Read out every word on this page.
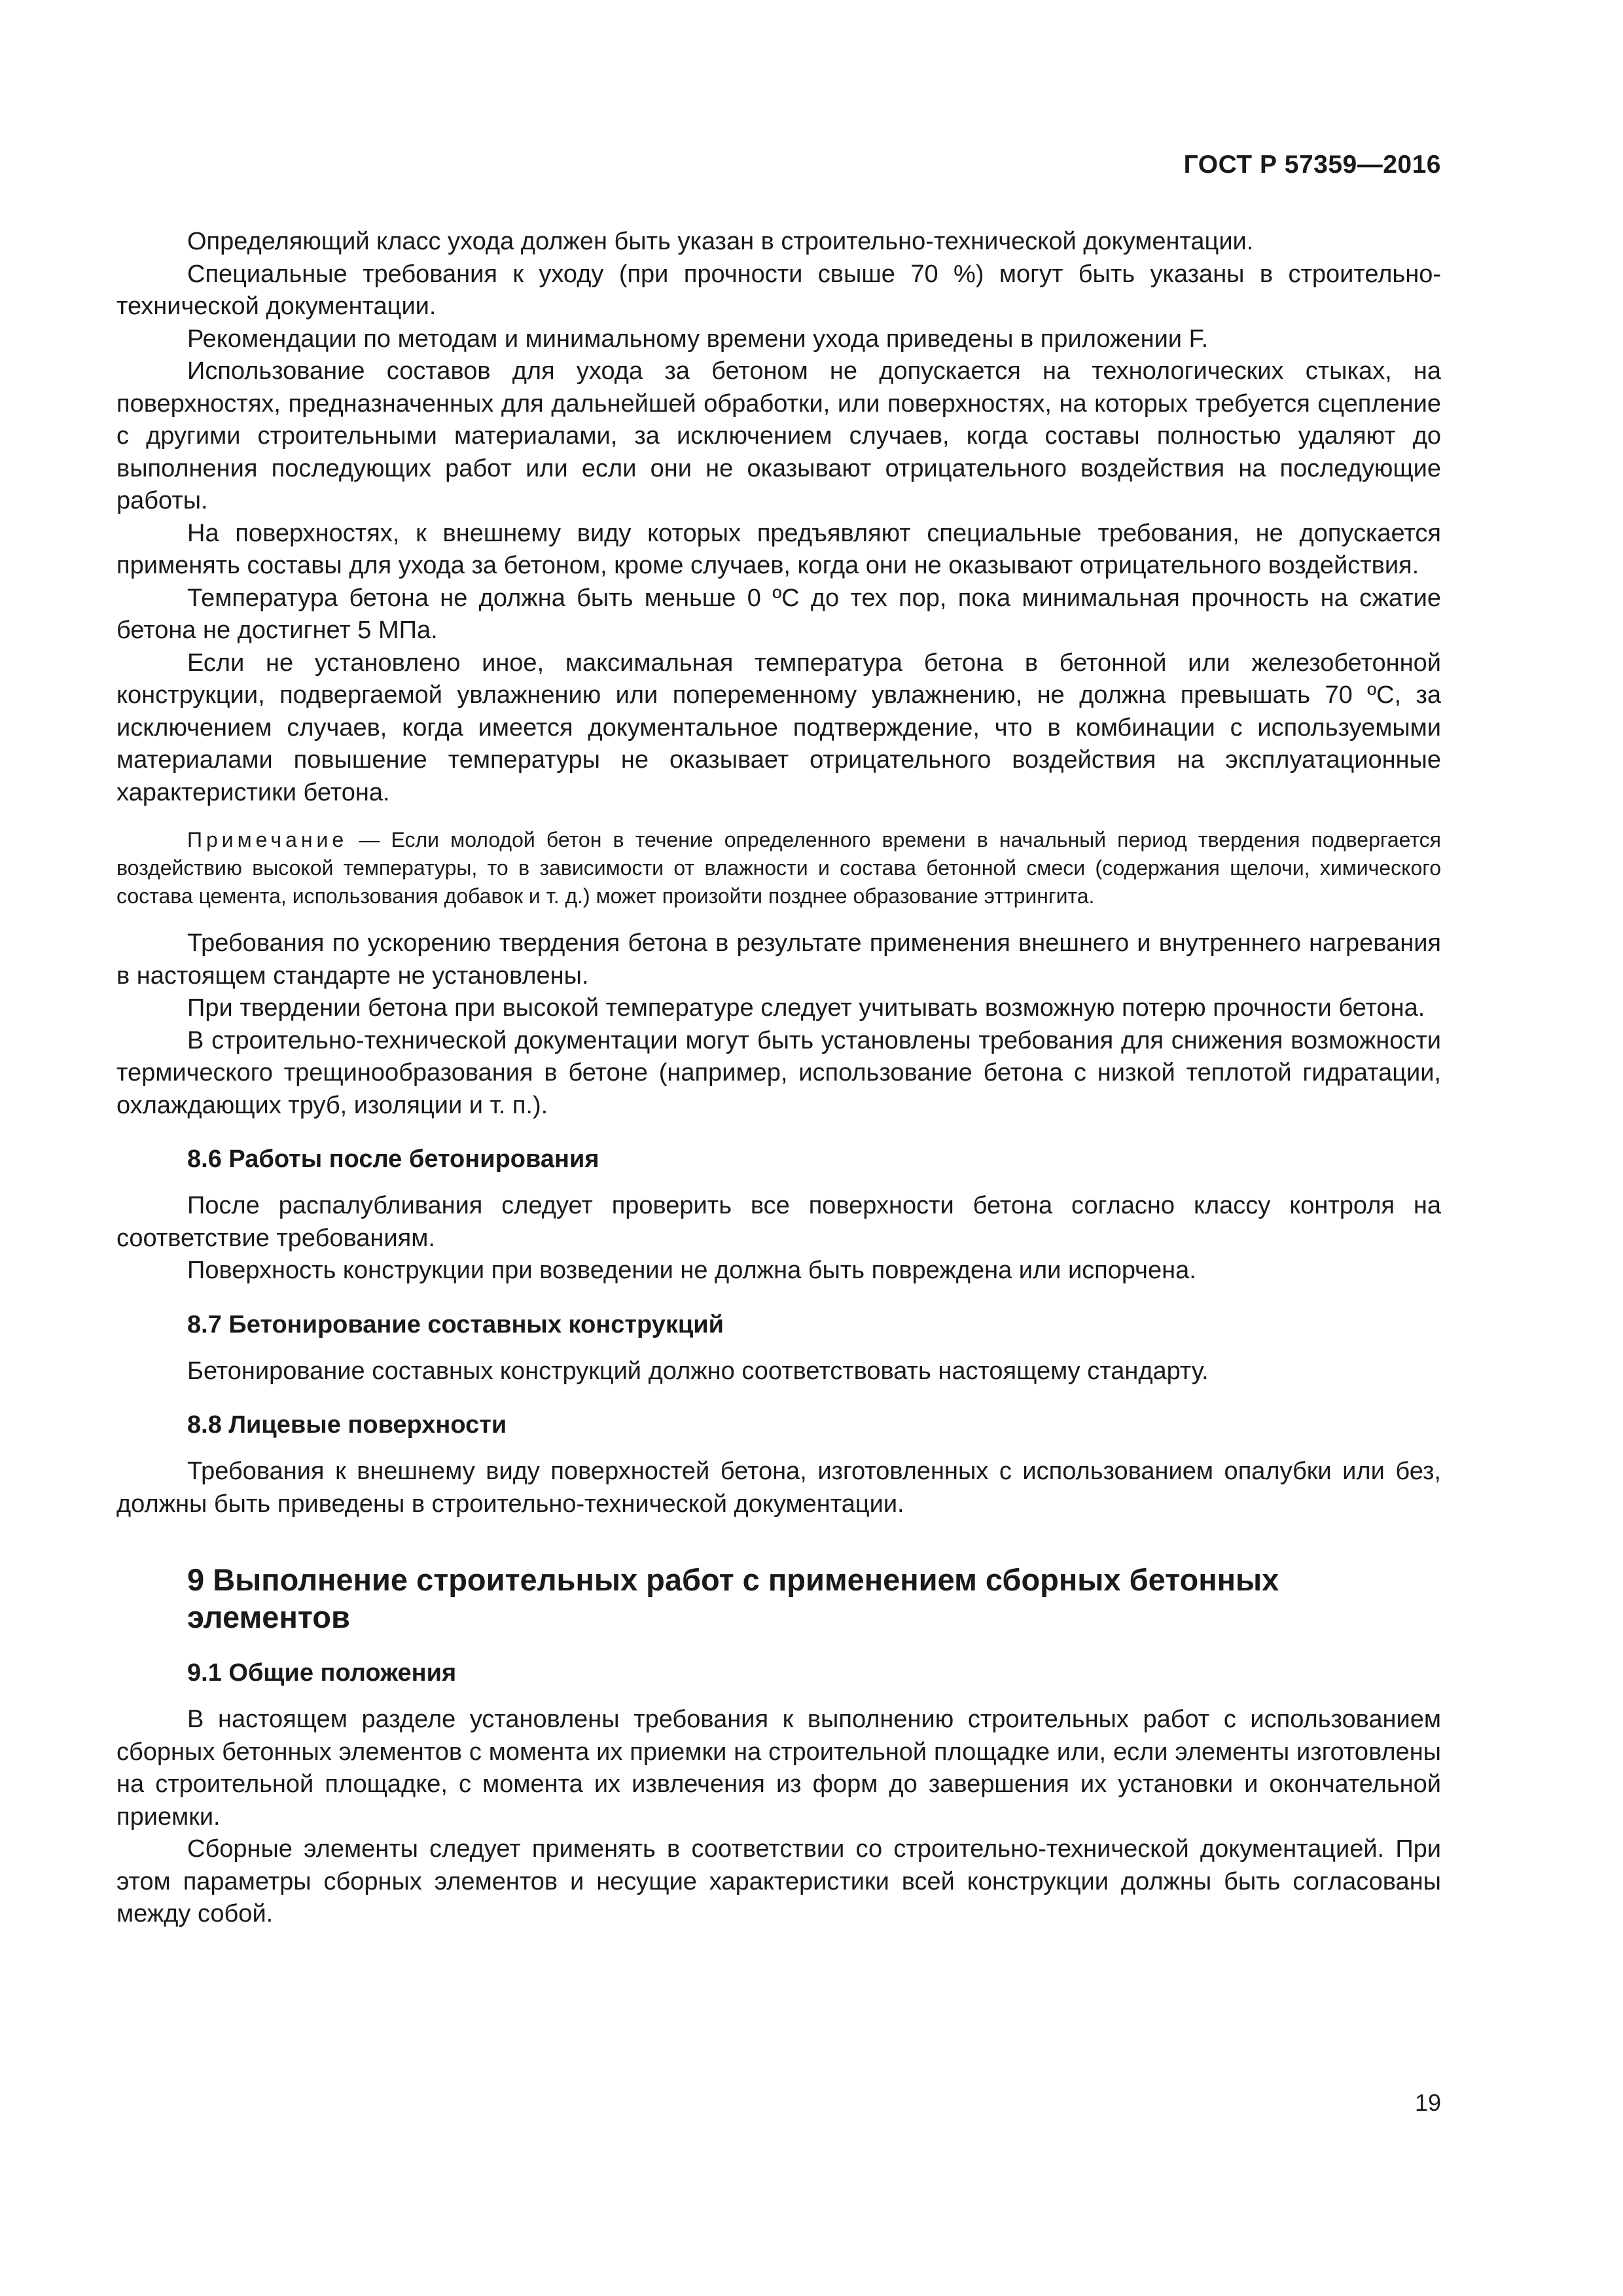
ГОСТ Р 57359—2016

Определяющий класс ухода должен быть указан в строительно-технической документации.

Специальные требования к уходу (при прочности свыше 70 %) могут быть указаны в строительно-технической документации.

Рекомендации по методам и минимальному времени ухода приведены в приложении F.

Использование составов для ухода за бетоном не допускается на технологических стыках, на поверхностях, предназначенных для дальнейшей обработки, или поверхностях, на которых требуется сцепление с другими строительными материалами, за исключением случаев, когда составы полностью удаляют до выполнения последующих работ или если они не оказывают отрицательного воздействия на последующие работы.

На поверхностях, к внешнему виду которых предъявляют специальные требования, не допускается применять составы для ухода за бетоном, кроме случаев, когда они не оказывают отрицательного воздействия.

Температура бетона не должна быть меньше 0 ºС до тех пор, пока минимальная прочность на сжатие бетона не достигнет 5 МПа.

Если не установлено иное, максимальная температура бетона в бетонной или железобетонной конструкции, подвергаемой увлажнению или попеременному увлажнению, не должна превышать 70 ºС, за исключением случаев, когда имеется документальное подтверждение, что в комбинации с используемыми материалами повышение температуры не оказывает отрицательного воздействия на эксплуатационные характеристики бетона.

Примечание — Если молодой бетон в течение определенного времени в начальный период твердения подвергается воздействию высокой температуры, то в зависимости от влажности и состава бетонной смеси (содержания щелочи, химического состава цемента, использования добавок и т. д.) может произойти позднее образование эттрингита.

Требования по ускорению твердения бетона в результате применения внешнего и внутреннего нагревания в настоящем стандарте не установлены.

При твердении бетона при высокой температуре следует учитывать возможную потерю прочности бетона.

В строительно-технической документации могут быть установлены требования для снижения возможности термического трещинообразования в бетоне (например, использование бетона с низкой теплотой гидратации, охлаждающих труб, изоляции и т. п.).

8.6 Работы после бетонирования

После распалубливания следует проверить все поверхности бетона согласно классу контроля на соответствие требованиям.

Поверхность конструкции при возведении не должна быть повреждена или испорчена.

8.7 Бетонирование составных конструкций

Бетонирование составных конструкций должно соответствовать настоящему стандарту.

8.8 Лицевые поверхности

Требования к внешнему виду поверхностей бетона, изготовленных с использованием опалубки или без, должны быть приведены в строительно-технической документации.

9 Выполнение строительных работ с применением сборных бетонных элементов
9.1 Общие положения

В настоящем разделе установлены требования к выполнению строительных работ с использованием сборных бетонных элементов с момента их приемки на строительной площадке или, если элементы изготовлены на строительной площадке, с момента их извлечения из форм до завершения их установки и окончательной приемки.

Сборные элементы следует применять в соответствии со строительно-технической документацией. При этом параметры сборных элементов и несущие характеристики всей конструкции должны быть согласованы между собой.

19
